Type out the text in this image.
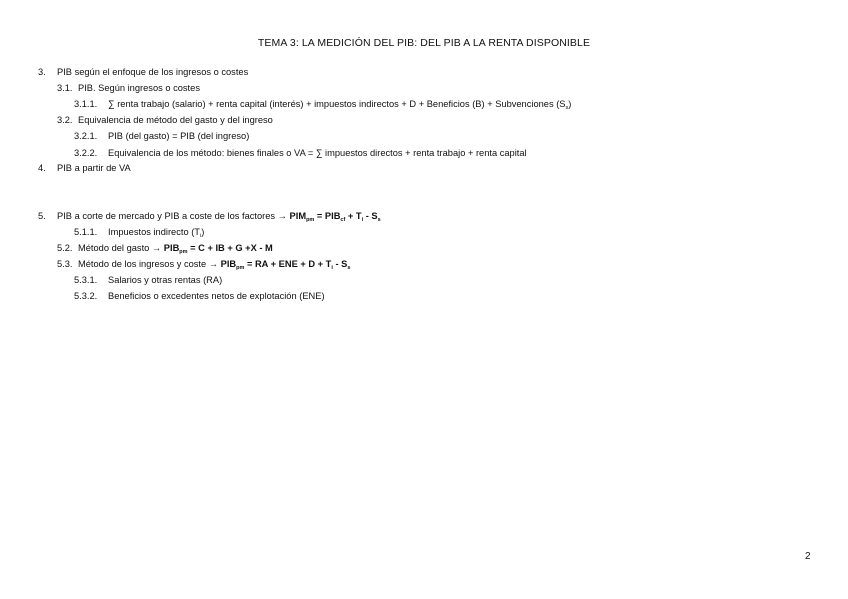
TEMA 3: LA MEDICIÓN DEL PIB: DEL PIB A LA RENTA DISPONIBLE
3. PIB según el enfoque de los ingresos o costes
3.1. PIB. Según ingresos o costes
3.1.1. ∑ renta trabajo (salario) + renta capital (interés) + impuestos indirectos + D + Beneficios (B) + Subvenciones $(S_s)$
3.2. Equivalencia de método del gasto y del ingreso
3.2.1. PIB (del gasto) = PIB (del ingreso)
3.2.2. Equivalencia de los método: bienes finales o VA = ∑ impuestos directos + renta trabajo + renta capital
4. PIB a partir de VA
5. PIB a corte de mercado y PIB a coste de los factores → $PIM_{pm} = PIB_{cf} + T_i - S_s$
5.1.1. Impuestos indirecto $(T_i)$
5.2. Método del gasto → $PIB_{pm} = C$ + IB + G +X - M
5.3. Método de los ingresos y coste → $PIB_{pm}$ = RA + ENE + $D + T_i - S_s$
5.3.1. Salarios y otras rentas (RA)
5.3.2. Beneficios o excedentes netos de explotación (ENE)
2
